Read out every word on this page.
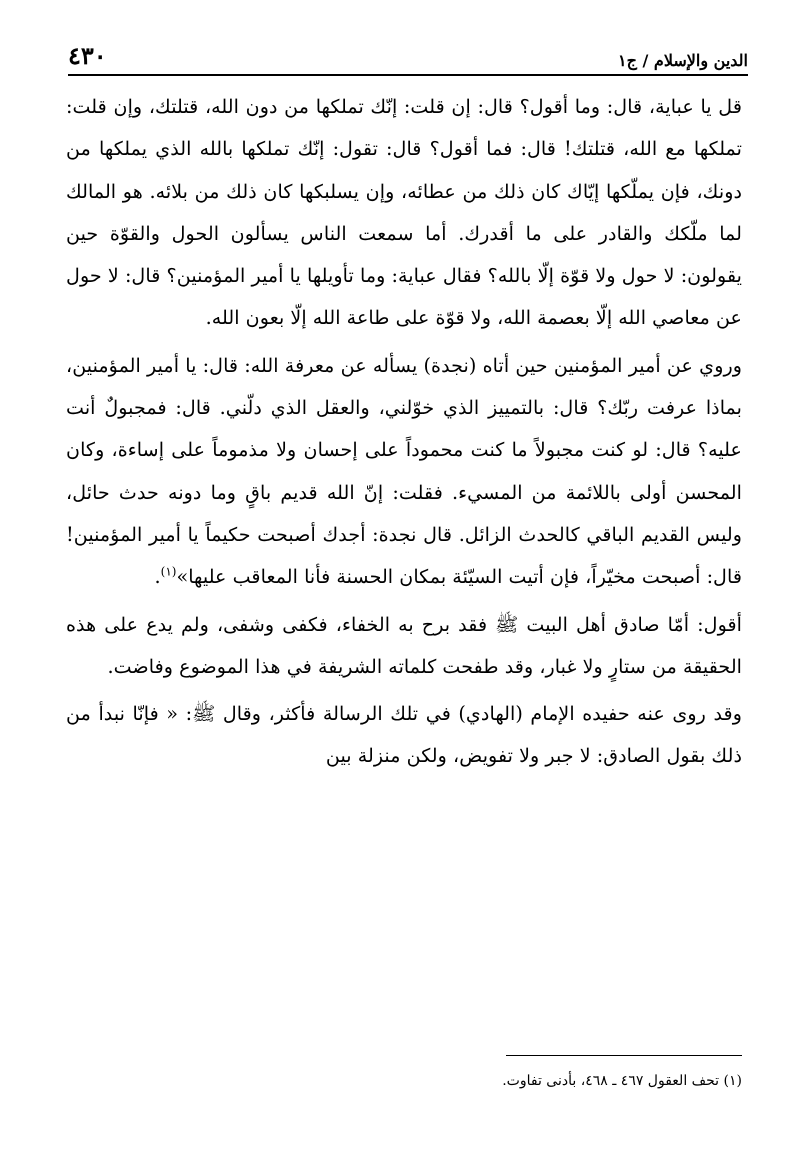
الدين والإسلام / ج١
٤٣٠

قل يا عباية، قال: وما أقول؟ قال: إن قلت: إنّك تملكها من دون الله، قتلتك، وإن قلت: تملكها مع الله، قتلتك! قال: فما أقول؟ قال: تقول: إنّك تملكها بالله الذي يملكها من دونك، فإن يملّكها إيّاك كان ذلك من عطائه، وإن يسلبكها كان ذلك من بلائه. هو المالك لما ملّكك والقادر على ما أقدرك. أما سمعت الناس يسألون الحول والقوّة حين يقولون: لا حول ولا قوّة إلّا بالله؟ فقال عباية: وما تأويلها يا أمير المؤمنين؟ قال: لا حول عن معاصي الله إلّا بعصمة الله، ولا قوّة على طاعة الله إلّا بعون الله.

وروي عن أمير المؤمنين حين أتاه (نجدة) يسأله عن معرفة الله: قال: يا أمير المؤمنين، بماذا عرفت ربّك؟ قال: بالتمييز الذي خوّلني، والعقل الذي دلّني. قال: فمجبولٌ أنت عليه؟ قال: لو كنت مجبولاً ما كنت محموداً على إحسان ولا مذموماً على إساءة، وكان المحسن أولى باللائمة من المسيء. فقلت: إنّ الله قديم باقٍ وما دونه حدث حائل، وليس القديم الباقي كالحدث الزائل. قال نجدة: أجدك أصبحت حكيماً يا أمير المؤمنين! قال: أصبحت مخيّراً، فإن أتيت السيّئة بمكان الحسنة فأنا المعاقب عليها»$^{(١)}$.

أقول: أمّا صادق أهل البيت ﷺ فقد برح به الخفاء، فكفى وشفى، ولم يدع على هذه الحقيقة من ستارٍ ولا غبار، وقد طفحت كلماته الشريفة في هذا الموضوع وفاضت.

وقد روى عنه حفيده الإمام (الهادي) في تلك الرسالة فأكثر، وقال ﷺ: « فإنّا نبدأ من ذلك بقول الصادق: لا جبر ولا تفويض، ولكن منزلة بين

(١) تحف العقول ٤٦٧ ـ ٤٦٨، بأدنى تفاوت.
